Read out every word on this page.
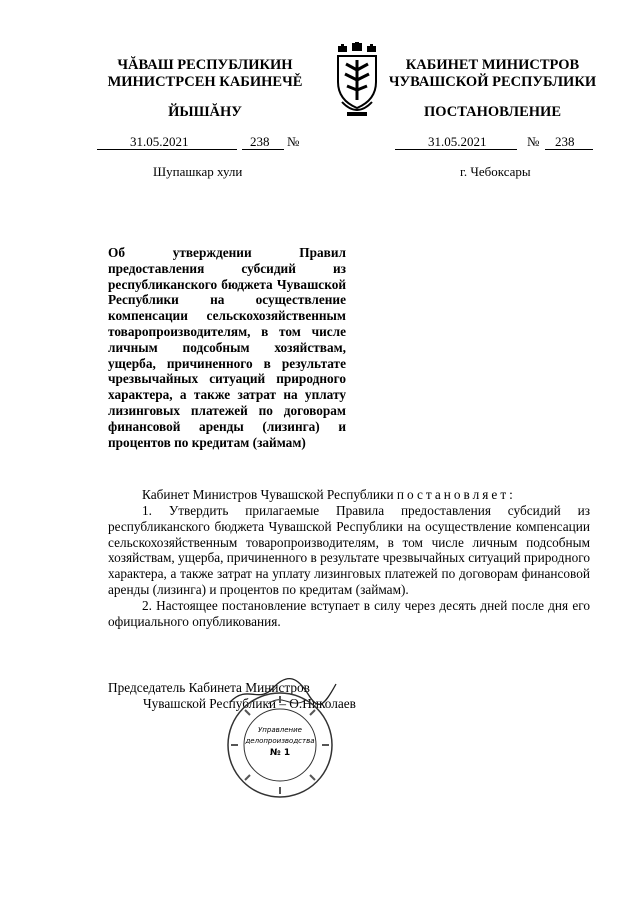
ЧĂВАШ РЕСПУБЛИКИН
МИНИСТРСЕН КАБИНЕЧĚ
ЙЫШĂНУ
КАБИНЕТ МИНИСТРОВ
ЧУВАШСКОЙ РЕСПУБЛИКИ
ПОСТАНОВЛЕНИЕ
31.05.2021	238 №	31.05.2021	№ 238
Шупашкар хули	г. Чебоксары
Об утверждении Правил предоставления субсидий из республиканского бюджета Чувашской Республики на осуществление компенсации сельскохозяйственным товаропроизводителям, в том числе личным подсобным хозяйствам, ущерба, причиненного в результате чрезвычайных ситуаций природного характера, а также затрат на уплату лизинговых платежей по договорам финансовой аренды (лизинга) и процентов по кредитам (займам)
Кабинет Министров Чувашской Республики постановляет:
1. Утвердить прилагаемые Правила предоставления субсидий из республиканского бюджета Чувашской Республики на осуществление компенсации сельскохозяйственным товаропроизводителям, в том числе личным подсобным хозяйствам, ущерба, причиненного в результате чрезвычайных ситуаций природного характера, а также затрат на уплату лизинговых платежей по договорам финансовой аренды (лизинга) и процентов по кредитам (займам).
2. Настоящее постановление вступает в силу через десять дней после дня его официального опубликования.
Председатель Кабинета Министров
Чувашской Республики – О.Николаев
Управление
делопроизводства
№ 1
